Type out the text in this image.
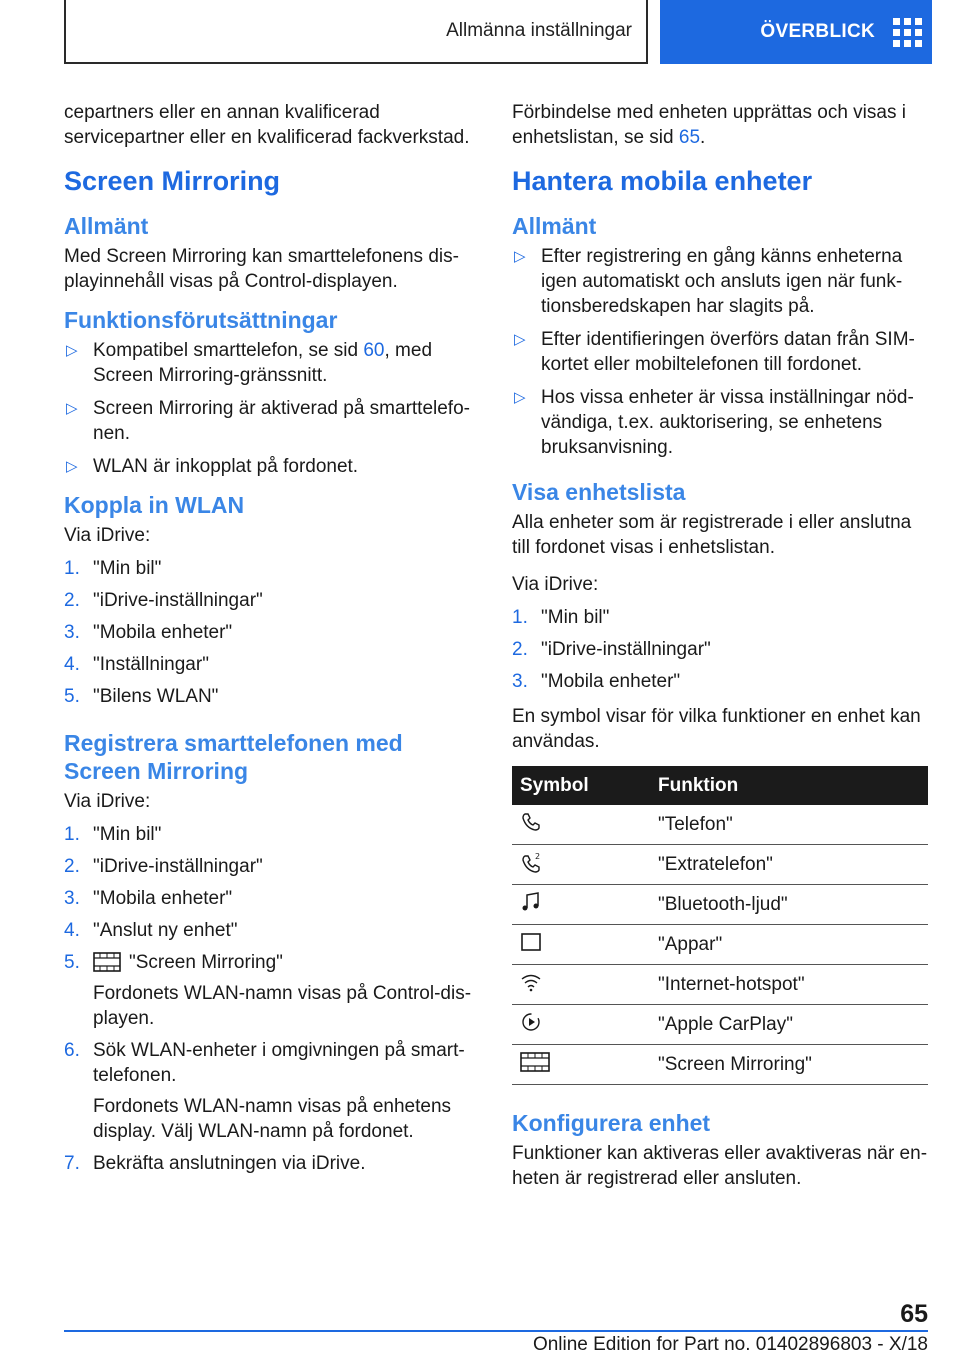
Allmänna inställningar	ÖVERBLICK

cepartners eller en annan kvalificerad servicepartner eller en kvalificerad fackverkstad.

Screen Mirroring
Allmänt

Med Screen Mirroring kan smarttelefonens dis-playinnehåll visas på Control-displayen.

Funktionsförutsättningar
▷ Kompatibel smarttelefon, se sid 60, med Screen Mirroring-gränssnitt.
▷ Screen Mirroring är aktiverad på smarttelefo-nen.
▷ WLAN är inkopplat på fordonet.
Koppla in WLAN

Via iDrive:

1. "Min bil"
2. "iDrive-inställningar"
3. "Mobila enheter"
4. "Inställningar"
5. "Bilens WLAN"
Registrera smarttelefonen med Screen Mirroring

Via iDrive:

1. "Min bil"
2. "iDrive-inställningar"
3. "Mobila enheter"
4. "Anslut ny enhet"
5.	"Screen Mirroring"

Fordonets WLAN-namn visas på Control-dis-playen.

6. Sök WLAN-enheter i omgivningen på smart-telefonen.

Fordonets WLAN-namn visas på enhetens display. Välj WLAN-namn på fordonet.

7. Bekräfta anslutningen via iDrive.

Förbindelse med enheten upprättas och visas i enhetslistan, se sid 65.

Hantera mobila enheter
Allmänt
▷ Efter registrering en gång känns enheterna igen automatiskt och ansluts igen när funk-tionsberedskapen har slagits på.
▷ Efter identifieringen överförs datan från SIM-kortet eller mobiltelefonen till fordonet.
▷ Hos vissa enheter är vissa inställningar nöd-vändiga, t.ex. auktorisering, se enhetens bruksanvisning.
Visa enhetslista

Alla enheter som är registrerade i eller anslutna till fordonet visas i enhetslistan.

Via iDrive:

1. "Min bil"
2. "iDrive-inställningar"
3. "Mobila enheter"

En symbol visar för vilka funktioner en enhet kan användas.

Symbol	Funktion
	"Telefon"

2	"Extratelefon"
	"Bluetooth-ljud"
	"Appar"
	"Internet-hotspot"
	"Apple CarPlay"
	"Screen Mirroring"
Konfigurera enhet

Funktioner kan aktiveras eller avaktiveras när en-heten är registrerad eller ansluten.

65
Online Edition for Part no. 01402896803 - X/18
